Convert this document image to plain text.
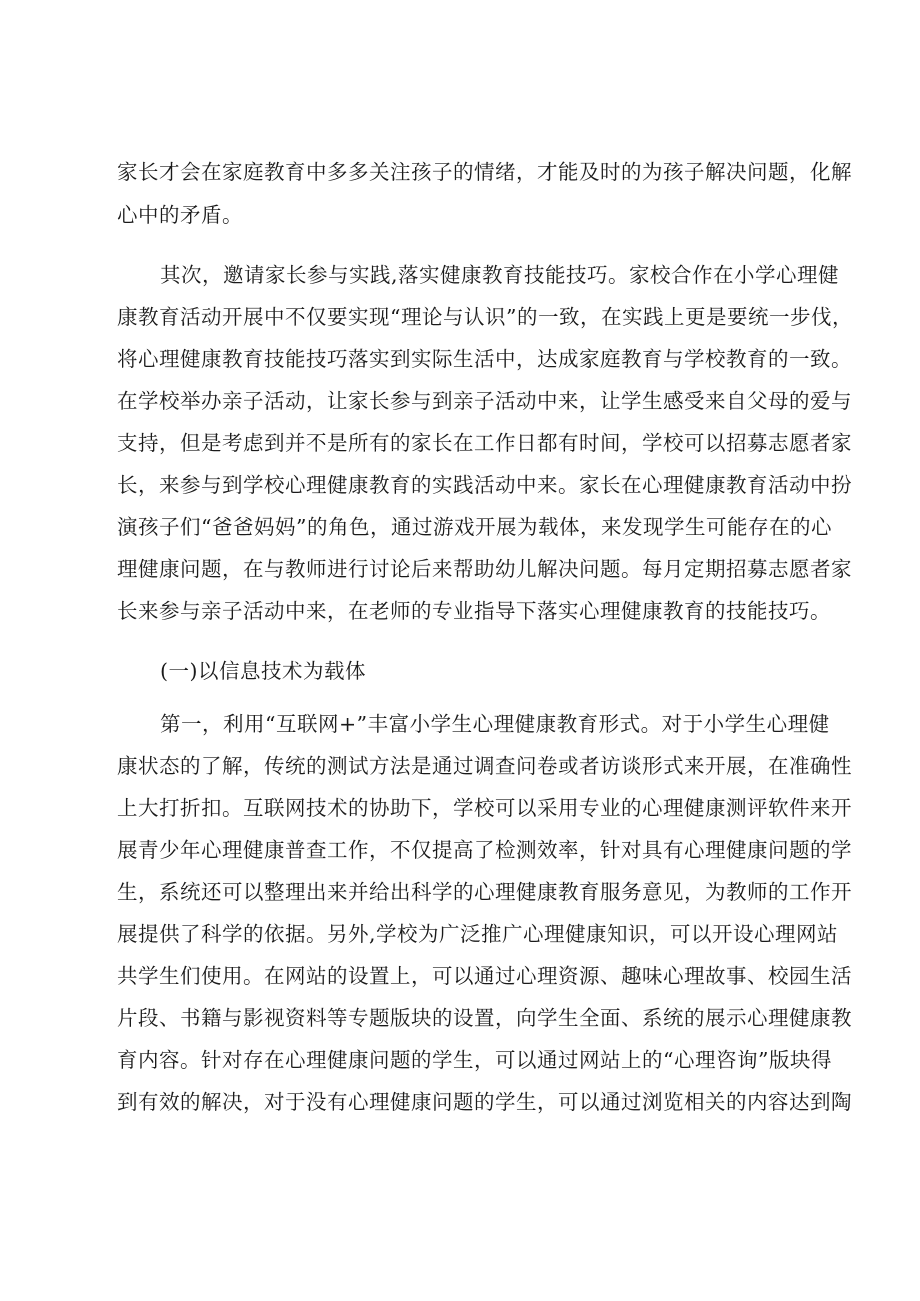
家长才会在家庭教育中多多关注孩子的情绪，才能及时的为孩子解决问题，化解
心中的矛盾。
其次，邀请家长参与实践,落实健康教育技能技巧。家校合作在小学心理健
康教育活动开展中不仅要实现“理论与认识”的一致，在实践上更是要统一步伐，
将心理健康教育技能技巧落实到实际生活中，达成家庭教育与学校教育的一致。
在学校举办亲子活动，让家长参与到亲子活动中来，让学生感受来自父母的爱与
支持，但是考虑到并不是所有的家长在工作日都有时间，学校可以招募志愿者家
长，来参与到学校心理健康教育的实践活动中来。家长在心理健康教育活动中扮
演孩子们“爸爸妈妈”的角色，通过游戏开展为载体，来发现学生可能存在的心
理健康问题，在与教师进行讨论后来帮助幼儿解决问题。每月定期招募志愿者家
长来参与亲子活动中来，在老师的专业指导下落实心理健康教育的技能技巧。
(一)以信息技术为载体
第一，利用“互联网+”丰富小学生心理健康教育形式。对于小学生心理健
康状态的了解，传统的测试方法是通过调查问卷或者访谈形式来开展，在准确性
上大打折扣。互联网技术的协助下，学校可以采用专业的心理健康测评软件来开
展青少年心理健康普查工作，不仅提高了检测效率，针对具有心理健康问题的学
生，系统还可以整理出来并给出科学的心理健康教育服务意见，为教师的工作开
展提供了科学的依据。另外,学校为广泛推广心理健康知识，可以开设心理网站
共学生们使用。在网站的设置上，可以通过心理资源、趣味心理故事、校园生活
片段、书籍与影视资料等专题版块的设置，向学生全面、系统的展示心理健康教
育内容。针对存在心理健康问题的学生，可以通过网站上的“心理咨询”版块得
到有效的解决，对于没有心理健康问题的学生，可以通过浏览相关的内容达到陶
